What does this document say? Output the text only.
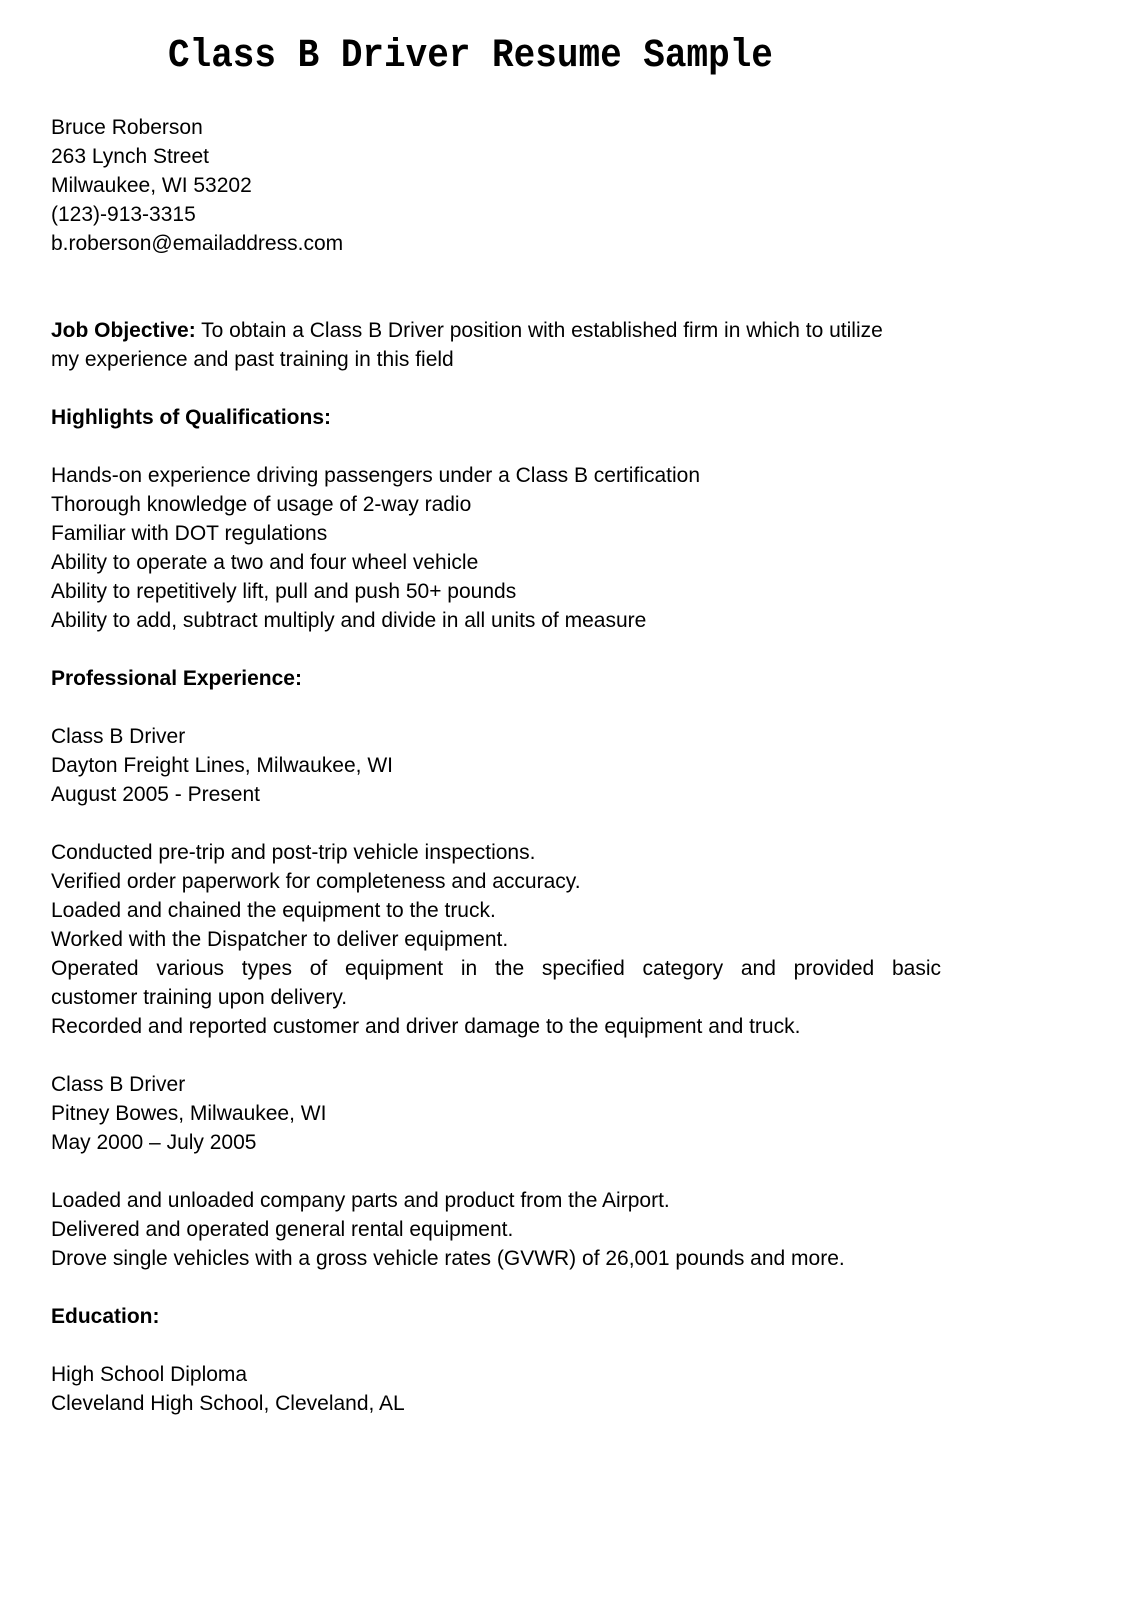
Class B Driver Resume Sample
Bruce Roberson
263 Lynch Street
Milwaukee, WI 53202
(123)-913-3315
b.roberson@emailaddress.com
Job Objective: To obtain a Class B Driver position with established firm in which to utilize
my experience and past training in this field
Highlights of Qualifications:
Hands-on experience driving passengers under a Class B certification
Thorough knowledge of usage of 2-way radio
Familiar with DOT regulations
Ability to operate a two and four wheel vehicle
Ability to repetitively lift, pull and push 50+ pounds
Ability to add, subtract multiply and divide in all units of measure
Professional Experience:
Class B Driver
Dayton Freight Lines, Milwaukee, WI
August 2005 - Present
Conducted pre-trip and post-trip vehicle inspections.
Verified order paperwork for completeness and accuracy.
Loaded and chained the equipment to the truck.
Worked with the Dispatcher to deliver equipment.
Operated various types of equipment in the specified category and provided basic
customer training upon delivery.
Recorded and reported customer and driver damage to the equipment and truck.
Class B Driver
Pitney Bowes, Milwaukee, WI
May 2000 – July 2005
Loaded and unloaded company parts and product from the Airport.
Delivered and operated general rental equipment.
Drove single vehicles with a gross vehicle rates (GVWR) of 26,001 pounds and more.
Education:
High School Diploma
Cleveland High School, Cleveland, AL
